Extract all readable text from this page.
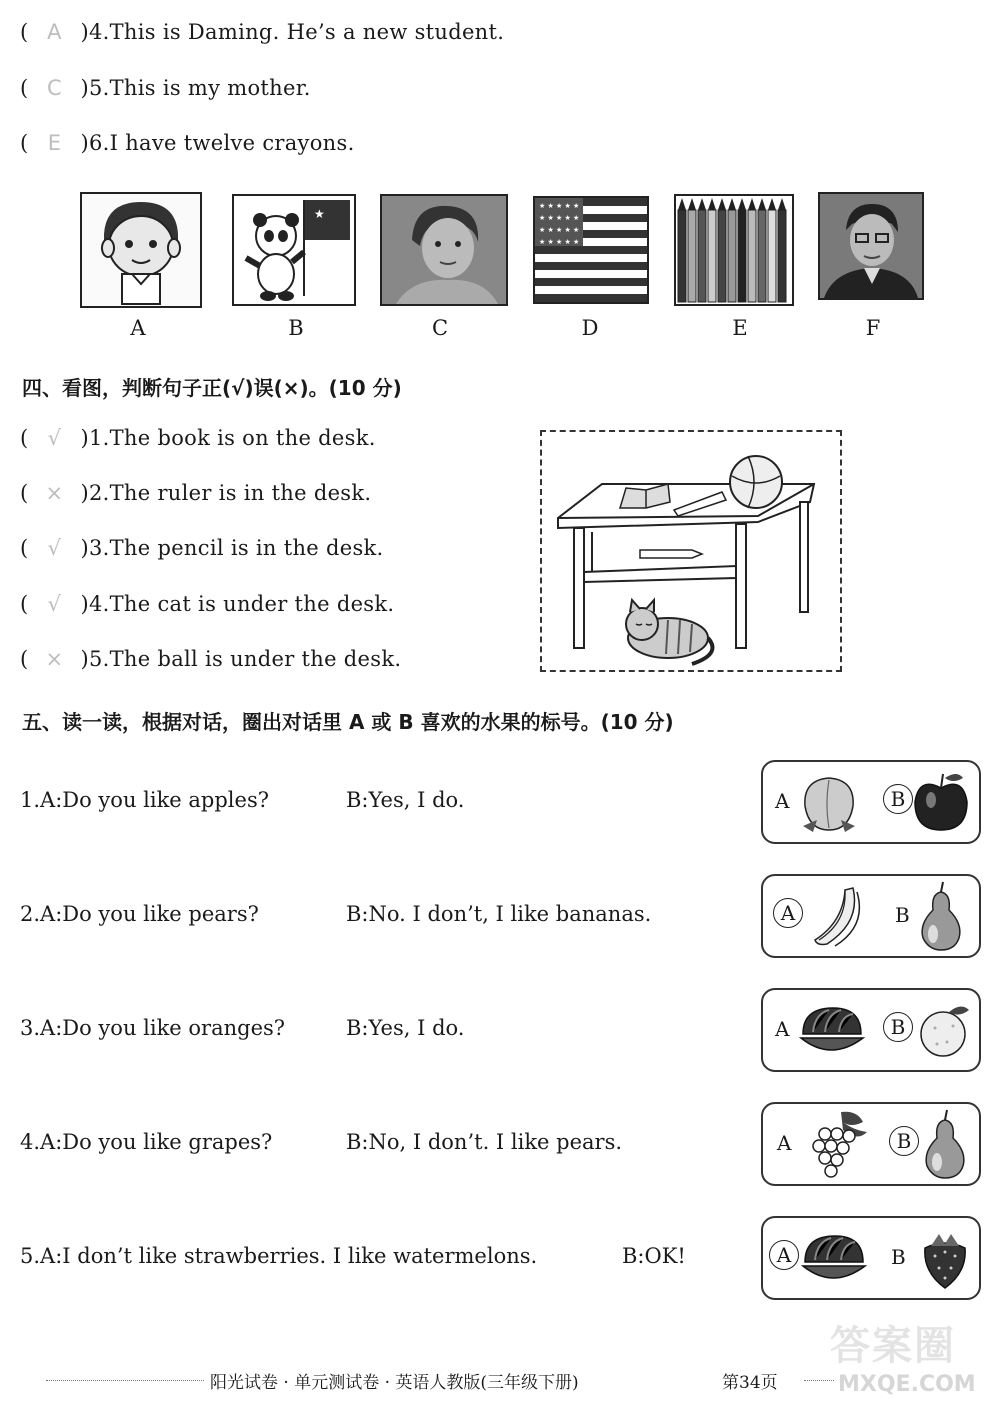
( A )4.This is Daming. He’s a new student.
( C )5.This is my mother.
( E )6.I have twelve crayons.
★
★ ★ ★ ★ ★
★ ★ ★ ★ ★
★ ★ ★ ★ ★
★ ★ ★ ★ ★
A	B	C	D	E	F
四、看图，判断句子正(√)误(×)。(10 分)
( √ )1.The book is on the desk.
( × )2.The ruler is in the desk.
( √ )3.The pencil is in the desk.
( √ )4.The cat is under the desk.
( × )5.The ball is under the desk.
五、读一读，根据对话，圈出对话里 A 或 B 喜欢的水果的标号。(10 分)
1.A:Do you like apples?	B:Yes, I do.	A	B
2.A:Do you like pears?	B:No. I don’t, I like bananas.	A	B
3.A:Do you like oranges?	B:Yes, I do.	A	B
4.A:Do you like grapes?	B:No, I don’t. I like pears.	A	B
5.A:I don’t like strawberries. I like watermelons.	B:OK!	A	B
阳光试卷 · 单元测试卷 · 英语人教版(三年级下册)	第34页
答案圈
MXQE.COM
